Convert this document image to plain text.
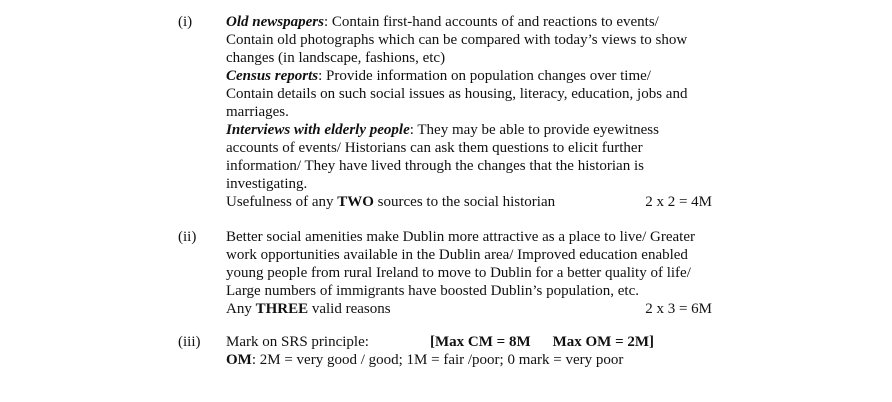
(i) Old newspapers: Contain first-hand accounts of and reactions to events/
Contain old photographs which can be compared with today’s views to show
changes (in landscape, fashions, etc)
Census reports: Provide information on population changes over time/
Contain details on such social issues as housing, literacy, education, jobs and
marriages.
Interviews with elderly people: They may be able to provide eyewitness
accounts of events/ Historians can ask them questions to elicit further
information/ They have lived through the changes that the historian is
investigating.
Usefulness of any TWO sources to the social historian	2 x 2 = 4M
(ii) Better social amenities make Dublin more attractive as a place to live/ Greater
work opportunities available in the Dublin area/ Improved education enabled
young people from rural Ireland to move to Dublin for a better quality of life/
Large numbers of immigrants have boosted Dublin’s population, etc.
Any THREE valid reasons	2 x 3 = 6M
(iii) Mark on SRS principle:	[Max CM = 8M Max OM = 2M]
OM: 2M = very good / good; 1M = fair /poor; 0 mark = very poor
